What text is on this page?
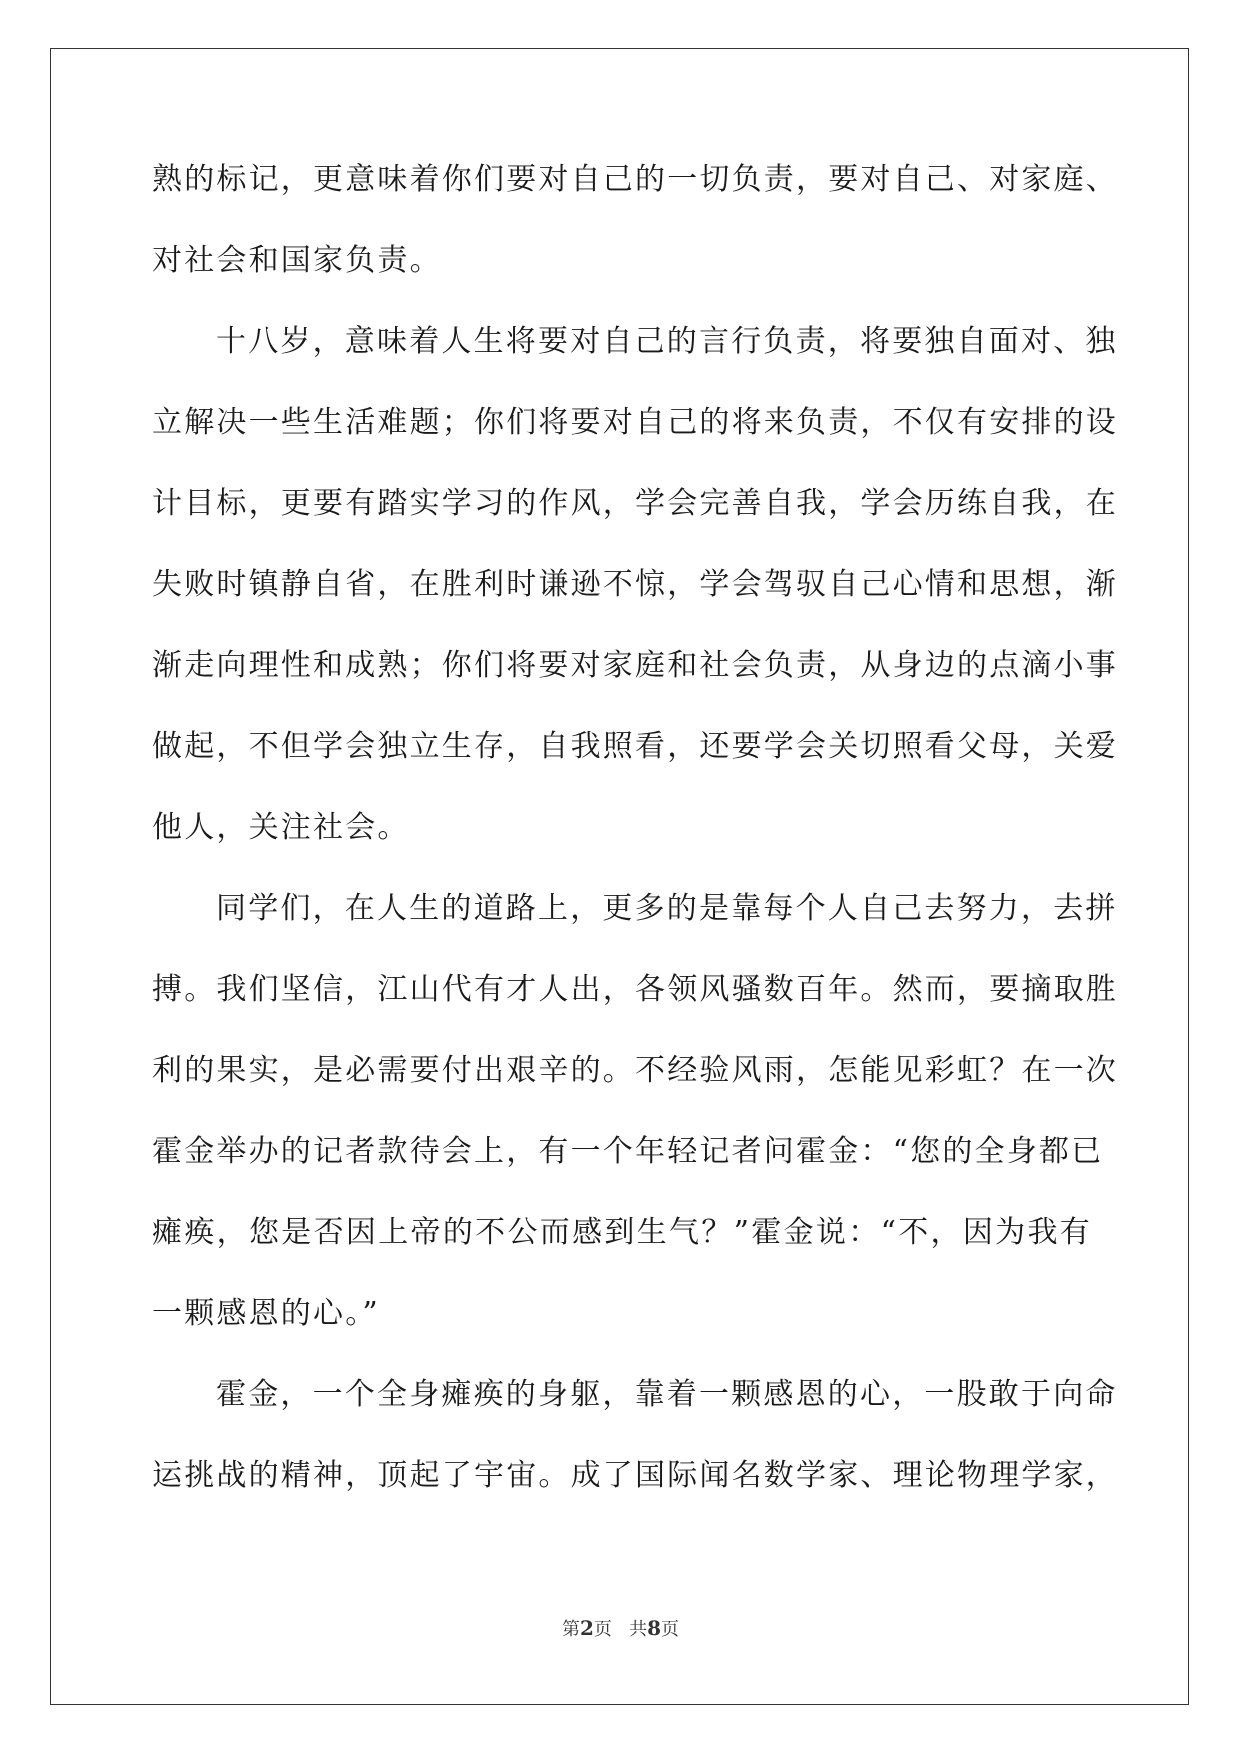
熟的标记，更意味着你们要对自己的一切负责，要对自己、对家庭、
对社会和国家负责。
十八岁，意味着人生将要对自己的言行负责，将要独自面对、独
立解决一些生活难题；你们将要对自己的将来负责，不仅有安排的设
计目标，更要有踏实学习的作风，学会完善自我，学会历练自我，在
失败时镇静自省，在胜利时谦逊不惊，学会驾驭自己心情和思想，渐
渐走向理性和成熟；你们将要对家庭和社会负责，从身边的点滴小事
做起，不但学会独立生存，自我照看，还要学会关切照看父母，关爱
他人，关注社会。
同学们，在人生的道路上，更多的是靠每个人自己去努力，去拼
搏。我们坚信，江山代有才人出，各领风骚数百年。然而，要摘取胜
利的果实，是必需要付出艰辛的。不经验风雨，怎能见彩虹？在一次
霍金举办的记者款待会上，有一个年轻记者问霍金：“您的全身都已
瘫痪，您是否因上帝的不公而感到生气？”霍金说：“不，因为我有
一颗感恩的心。”
霍金，一个全身瘫痪的身躯，靠着一颗感恩的心，一股敢于向命
运挑战的精神，顶起了宇宙。成了国际闻名数学家、理论物理学家，
第2页 共8页
